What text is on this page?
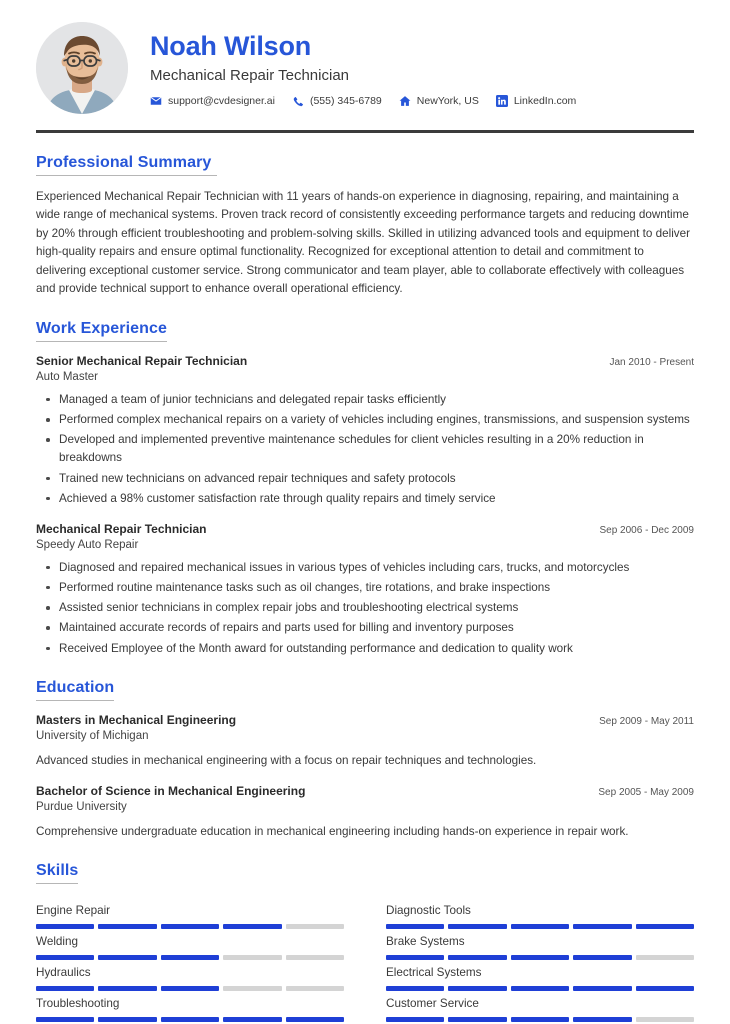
Noah Wilson
Mechanical Repair Technician
support@cvdesigner.ai	(555) 345-6789	NewYork, US	LinkedIn.com
Professional Summary
Experienced Mechanical Repair Technician with 11 years of hands-on experience in diagnosing, repairing, and maintaining a wide range of mechanical systems. Proven track record of consistently exceeding performance targets and reducing downtime by 20% through efficient troubleshooting and problem-solving skills. Skilled in utilizing advanced tools and equipment to deliver high-quality repairs and ensure optimal functionality. Recognized for exceptional attention to detail and commitment to delivering exceptional customer service. Strong communicator and team player, able to collaborate effectively with colleagues and provide technical support to enhance overall operational efficiency.
Work Experience
Senior Mechanical Repair Technician	Jan 2010 - Present
Auto Master
Managed a team of junior technicians and delegated repair tasks efficiently
Performed complex mechanical repairs on a variety of vehicles including engines, transmissions, and suspension systems
Developed and implemented preventive maintenance schedules for client vehicles resulting in a 20% reduction in breakdowns
Trained new technicians on advanced repair techniques and safety protocols
Achieved a 98% customer satisfaction rate through quality repairs and timely service
Mechanical Repair Technician	Sep 2006 - Dec 2009
Speedy Auto Repair
Diagnosed and repaired mechanical issues in various types of vehicles including cars, trucks, and motorcycles
Performed routine maintenance tasks such as oil changes, tire rotations, and brake inspections
Assisted senior technicians in complex repair jobs and troubleshooting electrical systems
Maintained accurate records of repairs and parts used for billing and inventory purposes
Received Employee of the Month award for outstanding performance and dedication to quality work
Education
Masters in Mechanical Engineering	Sep 2009 - May 2011
University of Michigan
Advanced studies in mechanical engineering with a focus on repair techniques and technologies.
Bachelor of Science in Mechanical Engineering	Sep 2005 - May 2009
Purdue University
Comprehensive undergraduate education in mechanical engineering including hands-on experience in repair work.
Skills
Engine Repair	Diagnostic Tools
Welding	Brake Systems
Hydraulics	Electrical Systems
Troubleshooting	Customer Service
